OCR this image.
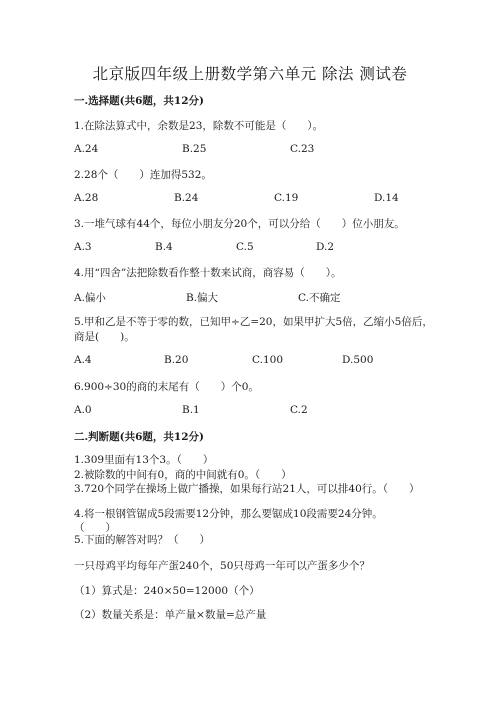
北京版四年级上册数学第六单元 除法 测试卷
一.选择题(共6题，共12分)
1.在除法算式中，余数是23，除数不可能是（　　）。
A.24	B.25	C.23
2.28个（　　）连加得532。
A.28	B.24	C.19	D.14
3.一堆气球有44个，每位小朋友分20个，可以分给（　　）位小朋友。
A.3	B.4	C.5	D.2
4.用“四舍”法把除数看作整十数来试商，商容易（　　）。
A.偏小	B.偏大	C.不确定
5.甲和乙是不等于零的数，已知甲÷乙=20，如果甲扩大5倍，乙缩小5倍后，
商是(　　)。
A.4	B.20	C.100	D.500
6.900÷30的商的末尾有（　　）个0。
A.0	B.1	C.2
二.判断题(共6题，共12分)
1.309里面有13个3。（　　）
2.被除数的中间有0，商的中间就有0。（　　）
3.720个同学在操场上做广播操，如果每行站21人，可以排40行。（　　）
4.将一根钢管锯成5段需要12分钟，那么要锯成10段需要24分钟。
（　　）
5.下面的解答对吗？（　　）
一只母鸡平均每年产蛋240个，50只母鸡一年可以产蛋多少个？
（1）算式是：240×50=12000（个）
（2）数量关系是：单产量×数量=总产量
